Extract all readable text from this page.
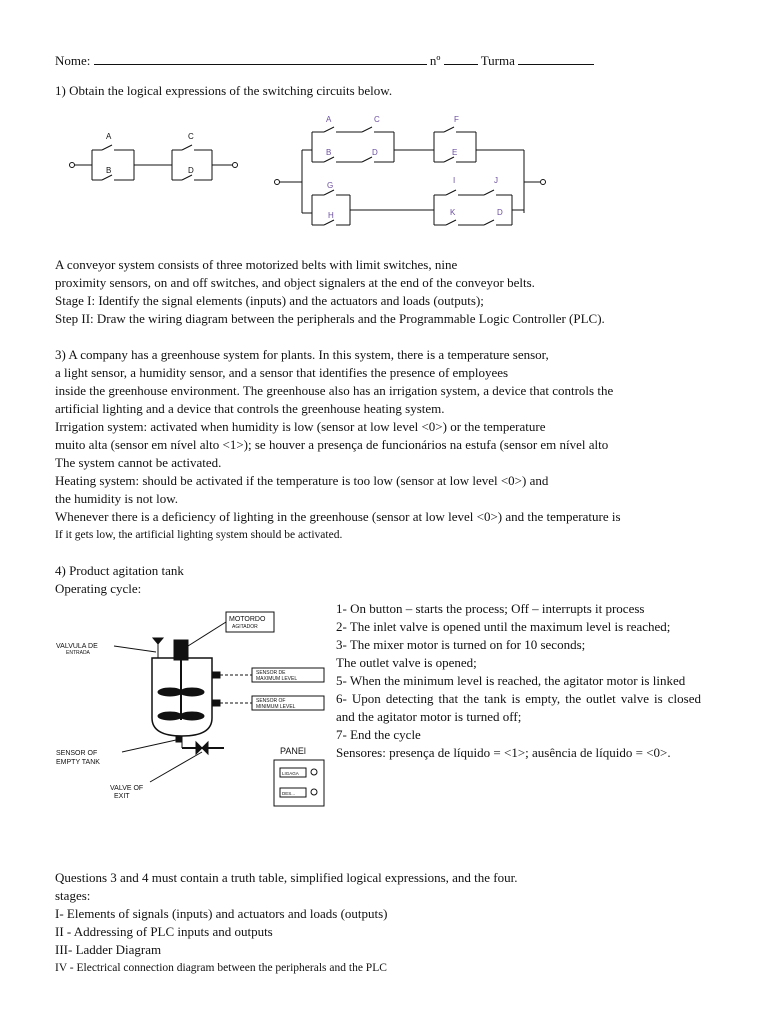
Nome:	nº	Turma
1) Obtain the logical expressions of the switching circuits below.
A
B
C
D
A	C
B	D
F
E
G
H
I	J
K	D
A conveyor system consists of three motorized belts with limit switches, nine
proximity sensors, on and off switches, and object signalers at the end of the conveyor belts.
Stage I: Identify the signal elements (inputs) and the actuators and loads (outputs);
Step II: Draw the wiring diagram between the peripherals and the Programmable Logic Controller (PLC).
3) A company has a greenhouse system for plants. In this system, there is a temperature sensor,
a light sensor, a humidity sensor, and a sensor that identifies the presence of employees
inside the greenhouse environment. The greenhouse also has an irrigation system, a device that controls the
artificial lighting and a device that controls the greenhouse heating system.
Irrigation system: activated when humidity is low (sensor at low level <0>) or the temperature
muito alta (sensor em nível alto <1>); se houver a presença de funcionários na estufa (sensor em nível alto
The system cannot be activated.
Heating system: should be activated if the temperature is too low (sensor at low level <0>) and
the humidity is not low.
Whenever there is a deficiency of lighting in the greenhouse (sensor at low level <0>) and the temperature is
If it gets low, the artificial lighting system should be activated.
4) Product agitation tank
Operating cycle:
MOTORDO
AGITADOR
VALVULA DE
ENTRADA
SENSOR DE
MAXIMUM LEVEL
SENSOR OF
MINIMUM LEVEL
SENSOR OF
EMPTY TANK
VALVE OF
EXIT
PANEl
LIGAGA
DES...
1- On button – starts the process; Off – interrupts it process
2- The inlet valve is opened until the maximum level is reached;
3- The mixer motor is turned on for 10 seconds;
The outlet valve is opened;
5- When the minimum level is reached, the agitator motor is linked
6- Upon detecting that the tank is empty, the outlet valve is closed and the agitator motor is turned off;
7- End the cycle
Sensores: presença de líquido = <1>; ausência de líquido = <0>.
Questions 3 and 4 must contain a truth table, simplified logical expressions, and the four.
stages:
I- Elements of signals (inputs) and actuators and loads (outputs)
II - Addressing of PLC inputs and outputs
III- Ladder Diagram
IV - Electrical connection diagram between the peripherals and the PLC
